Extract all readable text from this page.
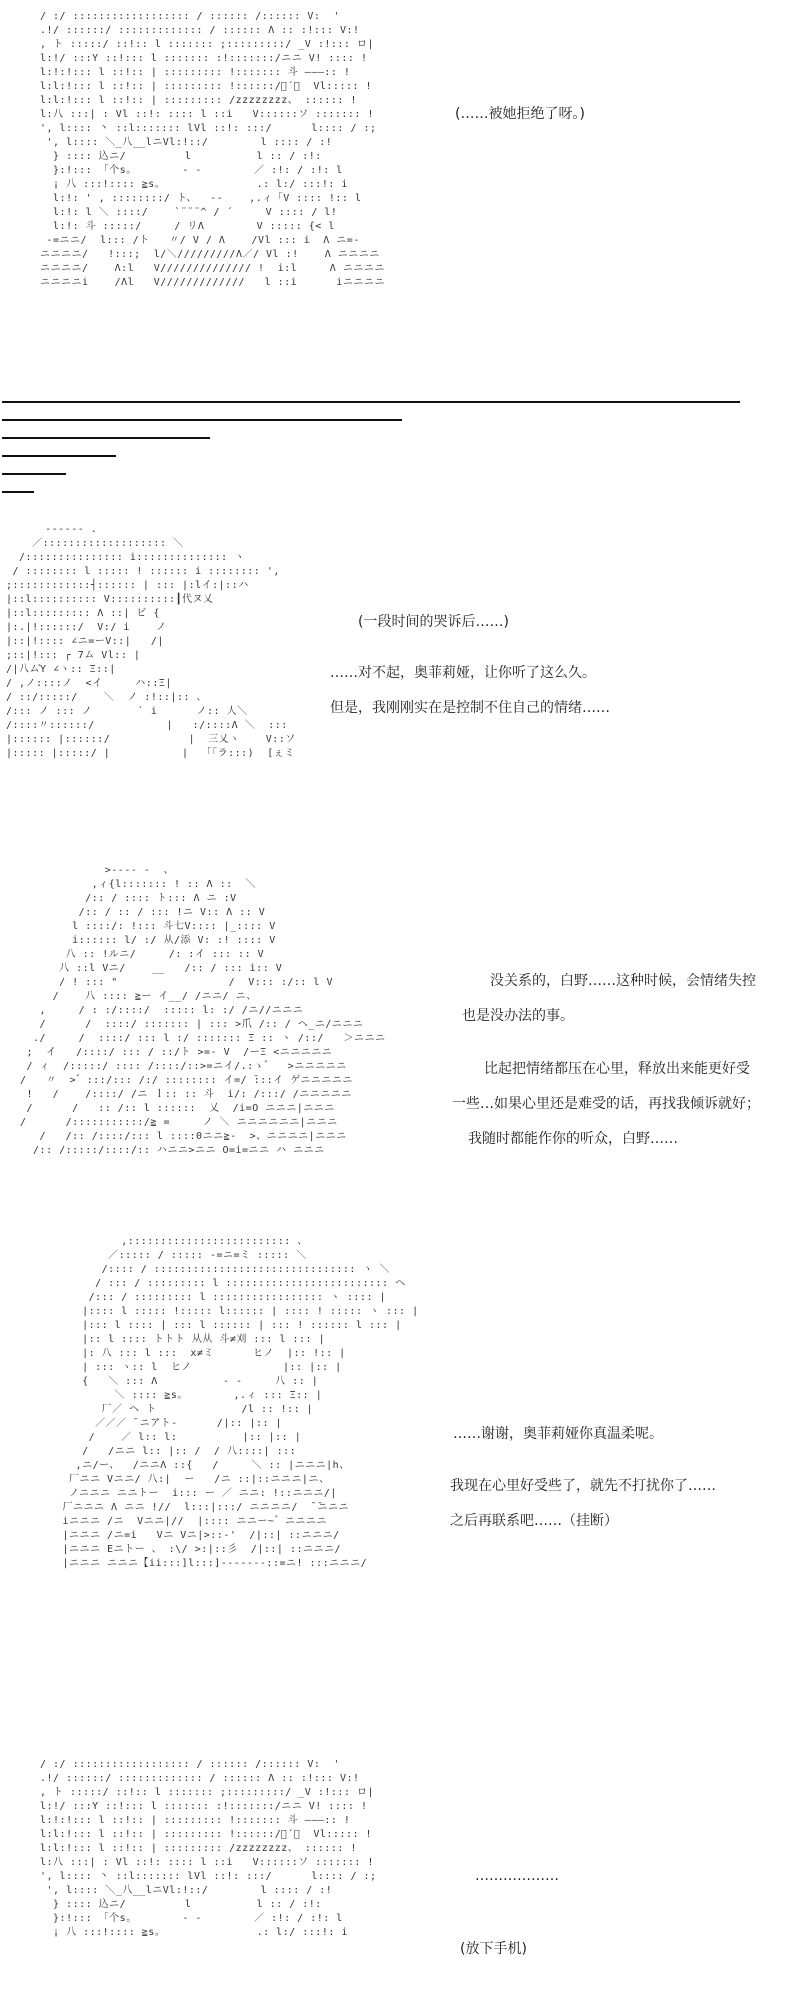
/ :/ :::::::::::::::::: / :::::: /:::::: V:  '
.!/ ::::::/ ::::::::::::: / :::::: Λ :: :!::: V:!
, ト :::::/ ::!:: l ::::::: ;:::::::::/ _V :!::: ロ|
l:!/ :::Y ::!::: l ::::::: :!:::::::/ニニ V! :::: !
l:!:!::: l ::!:: | ::::::::: !::::::: 斗 ―――:: !
l:l:!::: l ::!:: | ::::::::: !::::::/゙´￣  Vl::::: !
l:l:!::: l ::!:: | ::::::::: /zzzzzzzz、 :::::: !
l:八 :::| : Vl ::!: :::: l ::i   V::::::ソ ::::::: !
', l:::: 丶 ::l::::::: lVl ::!: :::/      l:::: / :;
', l:::: ＼_八__lニVl:!::/        l :::: / :!
} :::: 込ニ/         l          l :: / :!:
}:!::: 「个s。       - -        ／ :!: / :!: l
¡ 八 :::!:::: ≧s。              .: l:/ :::!: i
l:!: ' , ::::::::/ ト、  --    ,.ィ「V :::: !:: l
l:!: l ＼ ::::/    `¨¨¨^ / ´     V :::: / l!
l:!: 斗 :::::/     / リΛ        V ::::: {< l
-=ニニ/  l::: /ト   〃/ V / Λ    /Vl ::: i  Λ ニ=-
ニニニニ/   !:::;  l/＼/////////Λ／/ Vl :!    Λ ニニニニ
ニニニニ/    Λ:l   V////////////// !  i:l     Λ ニニニニ
ニニニニi    /Λl   V/////////////   l ::i      iニニニニ
(……被她拒绝了呀。)
-‐‐‐‐- .
／::::::::::::::::::: ＼
/::::::::::::::: i:::::::::::::: ヽ
/ :::::::: l ::::: ! :::::: i :::::::: ',
;::::::::::::┤:::::: | ::: |:lイ:|::ハ
|::l:::::::::: V::::::::::┃代ヌ乂
|::l::::::::: Λ ::| ビ {
|:.|!::::::/  V:/ i    ノ
|::|!:::: ∠ニ=ーV::|   /|
;::|!::: ┌ 7ム Vl:: |
/|八ムΎ ∠ヽ:: Ξ::|
/ ,ノ::::ノ  <イ     ハ::Ξ|
/ ::/:::::/    ＼  ノ :!::|:: 、
/::: ノ ::: ノ       ` i      ノ:: 人＼
/::::〃::::::/           |   :/::::Λ ＼  :::
|:::::: |::::::/            |  三乂ヽ    V::ソ
|::::: |:::::/ |           |  「「ラ:::)  [ぇミ
(一段时间的哭诉后……)
……对不起，奥菲莉娅，让你听了这么久。
但是，我刚刚实在是控制不住自己的情绪……
>‐‐‐‐ -  、
,ィ{l::::::: ! :: Λ ::  ＼
/:: / :::: ト::: Λ ニ :V
/:: / :: / ::: !ニ V:: Λ :: V
l ::::/: !::: 斗七V:::: |_:::: V
i:::::: l/ :/ 从/添 V: :! :::: V
八 :: !ルニ/     /: :イ ::: :: V
八 ::l Vニ/    __   /:: / ::: i:: V
/ ! ::: "                 /  V::: :/:: l V
/    八 :::: ≧ー イ__/ /ニニ/ ニ、
,     / : :/::::/  ::::: l: :/ /ニ//ニニニ
/      /  ::::/ ::::::: | ::: >爪 /:: / ヘ_ニ/ニニニ
./     /  ::::/ ::: l :/ ::::::: Ξ :: ヽ /::/   ＞ニニニ
;  イ   /::::/ ::: / ::/ト >=- V  /ーΞ <ニニニニニ
/ ィ  /:::::/ :::: /::::/::>=ニイ/.:ゝ゛  >ニニニニニ
/   〃  >゛:::/::: /:/ :::::::: イ=/ ̄:::イ ゲニニニニニ
!   /    /::::/ /ニ ｌ:: :: 斗  i/: /:::/ /ニニニニニ
/      /   :: /:: l ::::::  乂  /i=O ニニニ|ニニニ
/      /:::::::::::/≧ =     ノ ＼ ニニニニニニ|ニニニ
/   /:: /::::/::: l ::::0ニニ≧-  >、ニニニニ|ニニニ
/:: /:::::/::::/:: ハニニ>ニニ O=i=ニニ ハ ニニニ
没关系的，白野……这种时候，会情绪失控
也是没办法的事。
比起把情绪都压在心里，释放出来能更好受
一些…如果心里还是难受的话，再找我倾诉就好；
我随时都能作你的听众，白野……
,::::::::::::::::::::::::: 、
／::::: / ::::: -=ニ=ミ ::::: ＼
/:::: / ::::::::::::::::::::::::::::::: ヽ ＼
/ ::: / ::::::::: l ::::::::::::::::::::::::: ヘ
/::: / ::::::::: l ::::::::::::::::: ヽ :::: |
|:::: l ::::: !::::: l:::::: | :::: ! ::::: ヽ ::: |
|::: l :::: | ::: l :::::: | ::: ! :::::: l ::: |
|:: l :::: トトト 从从 斗≠刈 ::: l ::: |
|: 八 ::: l :::  x≠ミ      ヒノ  |:: !:: |
| ::: ヽ:: l  ヒノ              |:: |:: |
{   ＼ ::: Λ          - -     八 :: |
＼ :::: ≧s。       ,.ィ ::: Ξ:: |
厂／ ヘ ト             /l :: !:: |
／／／ ̄ ニアト-      /|:: |:: |
/    ／ l:: l:          |:: |:: |
/   /ニニ l:: |:: /  / 八::::| :::
,ニ/ー、  /ニニΛ ::{   /     ＼ :: |ニニニ|h、
厂ニニ Vニニ/ 八:|  ー   /ニ ::|::ニニニ|ニ、
ノニニニ ニニトー  i::: ー ／ ニニ: !::ニニニ/|
厂ニニニ Λ ニニ !//  l:::|:::/ ニニニニ/  ̄ ̄ニニニ
iニニニ /ニ  Vニニ|//  |:::: ニニー~゛ニニニニ
|ニニニ /ニ=i   Vニ Vニ|>::‐'  /|::| ::ニニニ/
|ニニニ Eニトー 、 :\/ >:|::彡  /|::| ::ニニニ/
|ニニニ ニニニ【ii:::]l:::]‐‐‐‐‐‐-::=ニ! :::ニニニ/
……谢谢，奥菲莉娅你真温柔呢。
我现在心里好受些了，就先不打扰你了……
之后再联系吧……（挂断）
/ :/ :::::::::::::::::: / :::::: /:::::: V:  '
.!/ ::::::/ ::::::::::::: / :::::: Λ :: :!::: V:!
, ト :::::/ ::!:: l ::::::: ;:::::::::/ _V :!::: ロ|
l:!/ :::Y ::!::: l ::::::: :!:::::::/ニニ V! :::: !
l:!:!::: l ::!:: | ::::::::: !::::::: 斗 ―――:: !
l:l:!::: l ::!:: | ::::::::: !::::::/゙´￣  Vl::::: !
l:l:!::: l ::!:: | ::::::::: /zzzzzzzz、 :::::: !
l:八 :::| : Vl ::!: :::: l ::i   V::::::ソ ::::::: !
', l:::: 丶 ::l::::::: lVl ::!: :::/      l:::: / :;
', l:::: ＼_八__lニVl:!::/        l :::: / :!
} :::: 込ニ/         l          l :: / :!:
}:!::: 「个s。       - -        ／ :!: / :!: l
¡ 八 :::!:::: ≧s。              .: l:/ :::!: i
………………
(放下手机)
